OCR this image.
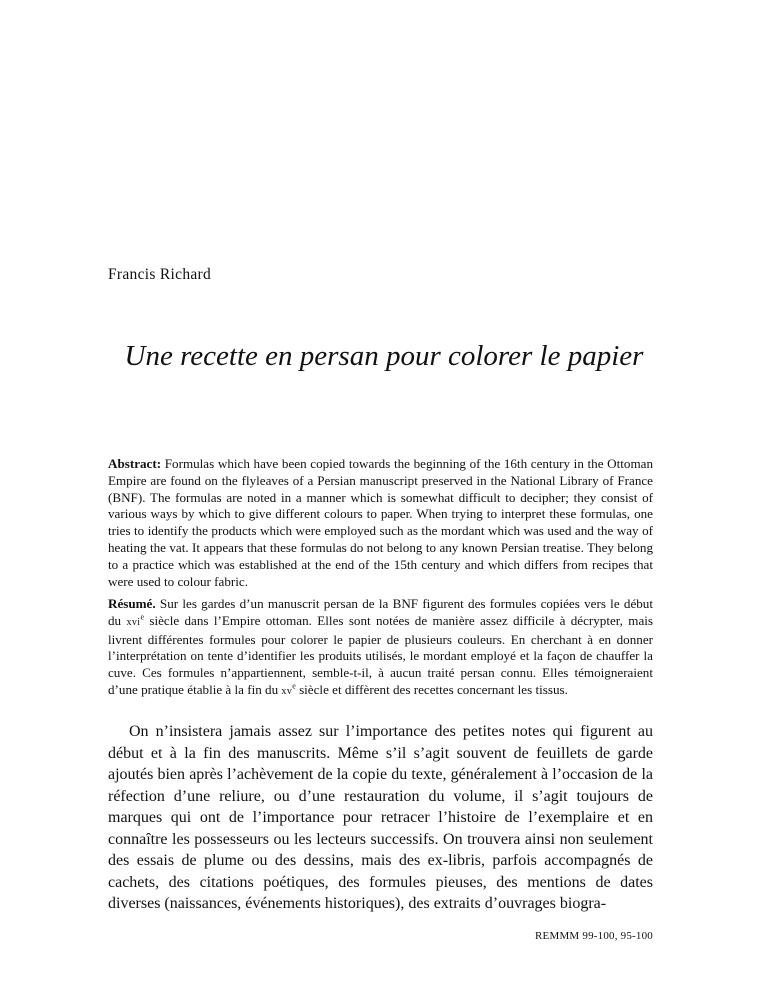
Francis Richard
Une recette en persan pour colorer le papier

Abstract: Formulas which have been copied towards the beginning of the 16th century in the Ottoman Empire are found on the flyleaves of a Persian manuscript preserved in the National Library of France (BNF). The formulas are noted in a manner which is somewhat difficult to decipher; they consist of various ways by which to give different colours to paper. When trying to interpret these formulas, one tries to identify the products which were employed such as the mordant which was used and the way of heating the vat. It appears that these formulas do not belong to any known Persian treatise. They belong to a practice which was established at the end of the 15th century and which differs from recipes that were used to colour fabric.

Résumé. Sur les gardes d’un manuscrit persan de la BNF figurent des formules copiées vers le début du xvi$^e$ siècle dans l’Empire ottoman. Elles sont notées de manière assez difficile à décrypter, mais livrent différentes formules pour colorer le papier de plusieurs couleurs. En cherchant à en donner l’interprétation on tente d’identifier les produits utilisés, le mordant employé et la façon de chauffer la cuve. Ces formules n’appartiennent, semble-t-il, à aucun traité persan connu. Elles témoigneraient d’une pratique établie à la fin du $xv^e$ siècle et diffèrent des recettes concernant les tissus.

On n’insistera jamais assez sur l’importance des petites notes qui figurent au début et à la fin des manuscrits. Même s’il s’agit souvent de feuillets de garde ajoutés bien après l’achèvement de la copie du texte, généralement à l’occasion de la réfection d’une reliure, ou d’une restauration du volume, il s’agit toujours de marques qui ont de l’importance pour retracer l’histoire de l’exemplaire et en connaître les possesseurs ou les lecteurs successifs. On trouvera ainsi non seulement des essais de plume ou des dessins, mais des ex-libris, parfois accompagnés de cachets, des citations poétiques, des formules pieuses, des mentions de dates diverses (naissances, événements historiques), des extraits d’ouvrages biogra-

REMMM 99-100, 95-100
